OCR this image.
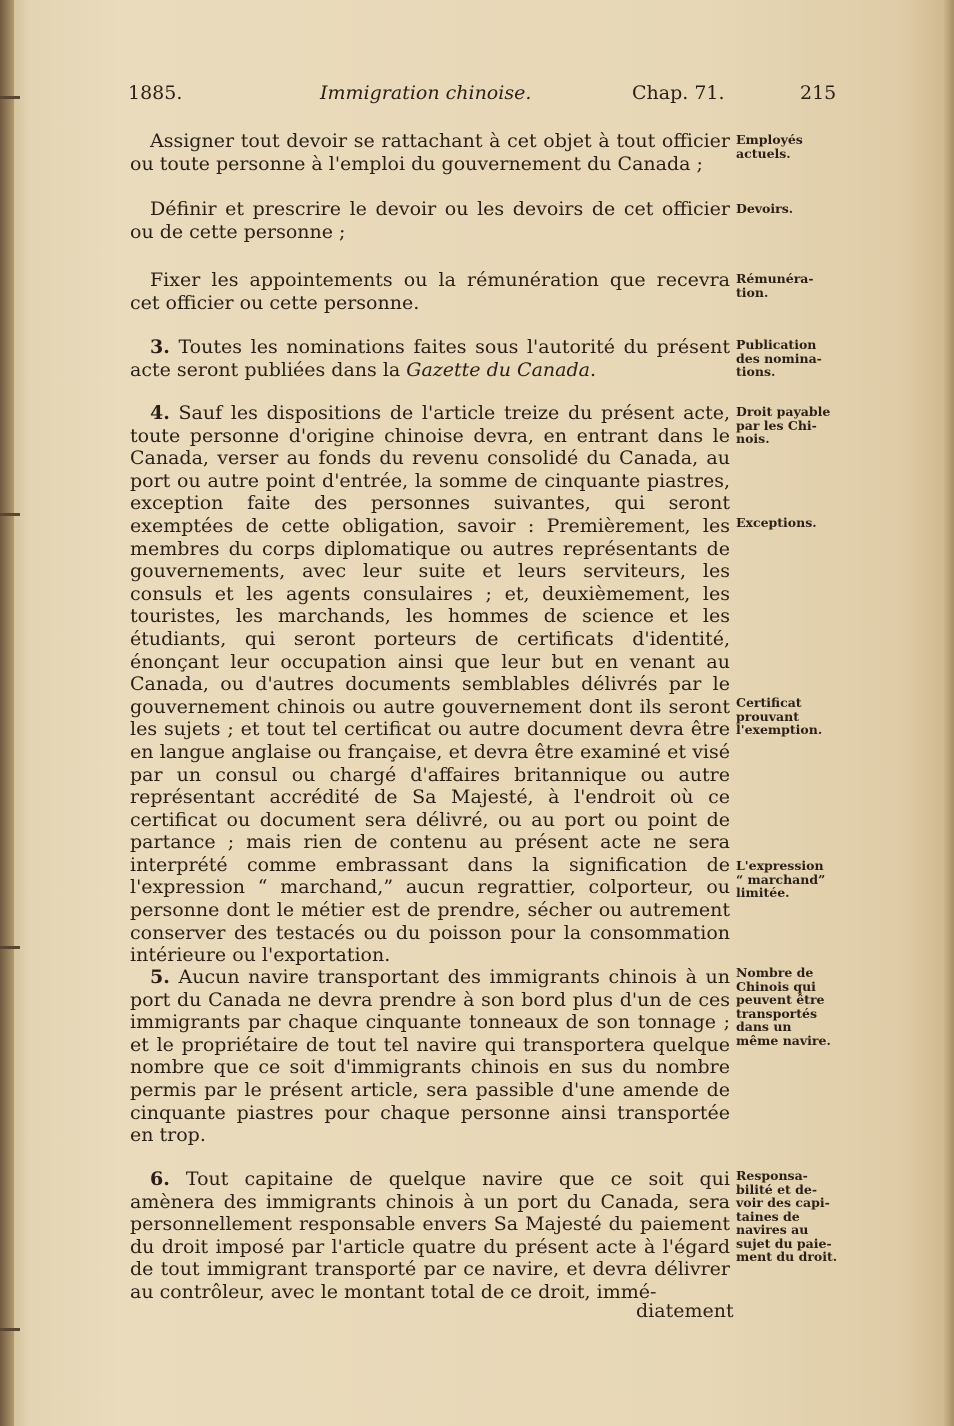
1885.	Immigration chinoise.	Chap. 71.	215
Assigner tout devoir se rattachant à cet objet à tout officier ou toute personne à l'emploi du gouvernement du Canada ;
Définir et prescrire le devoir ou les devoirs de cet officier ou de cette personne ;
Fixer les appointements ou la rémunération que recevra cet officier ou cette personne.
3. Toutes les nominations faites sous l'autorité du présent acte seront publiées dans la Gazette du Canada.
4. Sauf les dispositions de l'article treize du présent acte, toute personne d'origine chinoise devra, en entrant dans le Canada, verser au fonds du revenu consolidé du Canada, au port ou autre point d'entrée, la somme de cinquante piastres, exception faite des personnes suivantes, qui seront exemptées de cette obligation, savoir : Premièrement, les membres du corps diplomatique ou autres représentants de gouvernements, avec leur suite et leurs serviteurs, les consuls et les agents consulaires ; et, deuxièmement, les touristes, les marchands, les hommes de science et les étudiants, qui seront porteurs de certificats d'identité, énonçant leur occupation ainsi que leur but en venant au Canada, ou d'autres documents semblables délivrés par le gouvernement chinois ou autre gouvernement dont ils seront les sujets ; et tout tel certificat ou autre document devra être en langue anglaise ou française, et devra être examiné et visé par un consul ou chargé d'affaires britannique ou autre représentant accrédité de Sa Majesté, à l'endroit où ce certificat ou document sera délivré, ou au port ou point de partance ; mais rien de contenu au présent acte ne sera interprété comme embrassant dans la signification de l'expression “ marchand,” aucun regrattier, colporteur, ou personne dont le métier est de prendre, sécher ou autrement conserver des testacés ou du poisson pour la consommation intérieure ou l'exportation.
5. Aucun navire transportant des immigrants chinois à un port du Canada ne devra prendre à son bord plus d'un de ces immigrants par chaque cinquante tonneaux de son tonnage ; et le propriétaire de tout tel navire qui transportera quelque nombre que ce soit d'immigrants chinois en sus du nombre permis par le présent article, sera passible d'une amende de cinquante piastres pour chaque personne ainsi transportée en trop.
6. Tout capitaine de quelque navire que ce soit qui amènera des immigrants chinois à un port du Canada, sera personnellement responsable envers Sa Majesté du paiement du droit imposé par l'article quatre du présent acte à l'égard de tout immigrant transporté par ce navire, et devra délivrer au contrôleur, avec le montant total de ce droit, immé-
diatement
Employés
actuels.
Devoirs.
Rémunéra-
tion.
Publication
des nomina-
tions.
Droit payable
par les Chi-
nois.
Exceptions.
Certificat
prouvant
l'exemption.
L'expression
“ marchand”
limitée.
Nombre de
Chinois qui
peuvent être
transportés
dans un
même navire.
Responsa-
bilité et de-
voir des capi-
taines de
navires au
sujet du paie-
ment du droit.
